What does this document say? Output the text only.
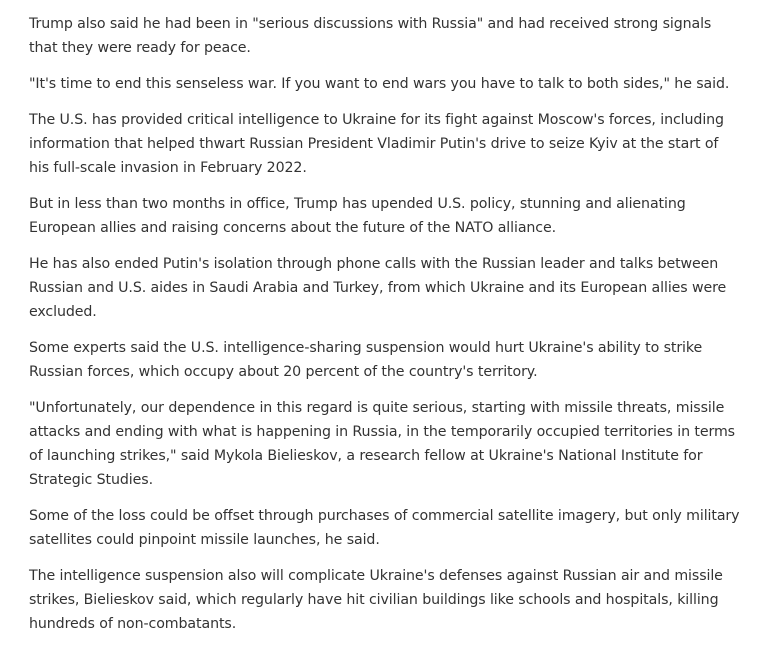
Trump also said he had been in "serious discussions with Russia" and had received strong signals that they were ready for peace.

"It's time to end this senseless war. If you want to end wars you have to talk to both sides," he said.

The U.S. has provided critical intelligence to Ukraine for its fight against Moscow's forces, including information that helped thwart Russian President Vladimir Putin's drive to seize Kyiv at the start of his full-scale invasion in February 2022.

But in less than two months in office, Trump has upended U.S. policy, stunning and alienating European allies and raising concerns about the future of the NATO alliance.

He has also ended Putin's isolation through phone calls with the Russian leader and talks between Russian and U.S. aides in Saudi Arabia and Turkey, from which Ukraine and its European allies were excluded.

Some experts said the U.S. intelligence-sharing suspension would hurt Ukraine's ability to strike Russian forces, which occupy about 20 percent of the country's territory.

"Unfortunately, our dependence in this regard is quite serious, starting with missile threats, missile attacks and ending with what is happening in Russia, in the temporarily occupied territories in terms of launching strikes," said Mykola Bielieskov, a research fellow at Ukraine's National Institute for Strategic Studies.

Some of the loss could be offset through purchases of commercial satellite imagery, but only military satellites could pinpoint missile launches, he said.

The intelligence suspension also will complicate Ukraine's defenses against Russian air and missile strikes, Bielieskov said, which regularly have hit civilian buildings like schools and hospitals, killing hundreds of non-combatants.
